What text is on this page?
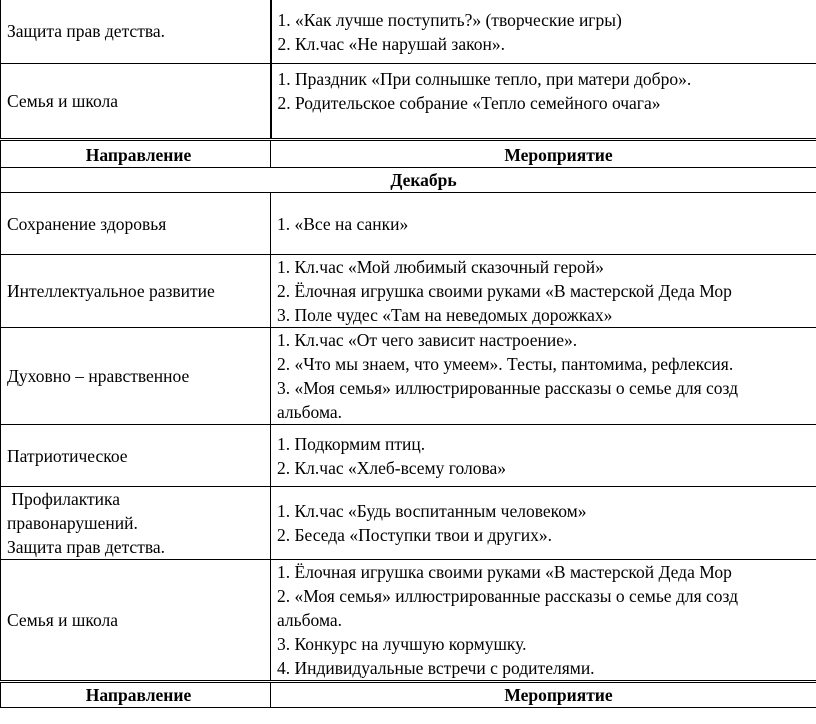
Защита прав детства.	1. «Как лучше поступить?» (творческие игры)
2. Кл.час «Не нарушай закон».

Семья и школа	1. Праздник «При солнышке тепло, при матери добро».
2. Родительское собрание «Тепло семейного очага»

Направление	Мероприятие
Декабрь	

Сохранение здоровья	1. «Все на санки»

Интеллектуальное развитие	1. Кл.час «Мой любимый сказочный герой»
2. Ёлочная игрушка своими руками «В мастерской Деда Мор
3. Поле чудес «Там на неведомых дорожках»

Духовно – нравственное	1. Кл.час «От чего зависит настроение».
2. «Что мы знаем, что умеем». Тесты, пантомима, рефлексия.
3. «Моя семья» иллюстрированные рассказы о семье для созд
альбома.

Патриотическое	1. Подкормим птиц.
2. Кл.час «Хлеб-всему голова»

Профилактика
правонарушений.
Защита прав детства.	1. Кл.час «Будь воспитанным человеком»
2. Беседа «Поступки твои и других».

Семья и школа	1. Ёлочная игрушка своими руками «В мастерской Деда Мор
2. «Моя семья» иллюстрированные рассказы о семье для созд
альбома.
3. Конкурс на лучшую кормушку.
4. Индивидуальные встречи с родителями.

Направление	Мероприятие
